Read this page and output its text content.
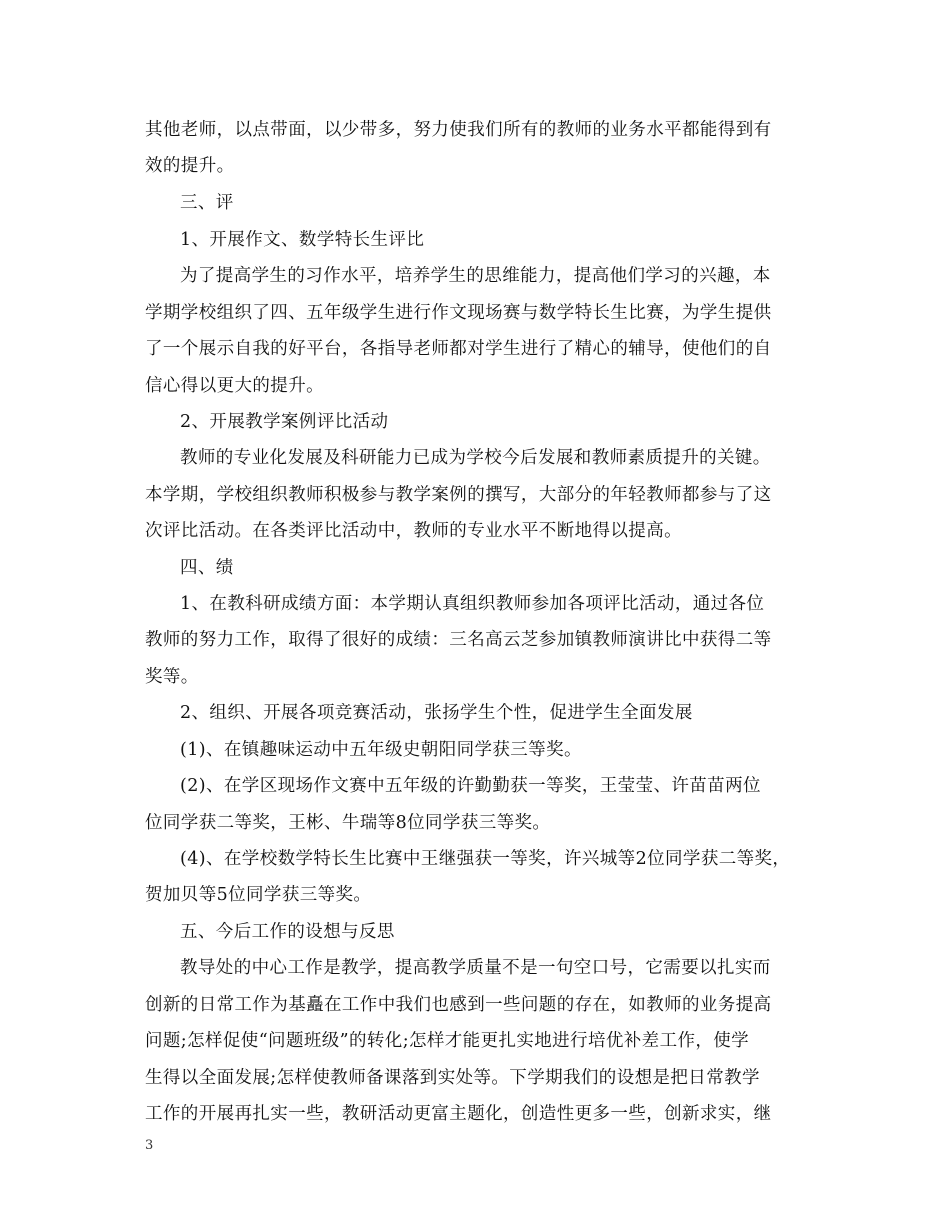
其他老师，以点带面，以少带多，努力使我们所有的教师的业务水平都能得到有
效的提升。
三、评
1、开展作文、数学特长生评比
为了提高学生的习作水平，培养学生的思维能力，提高他们学习的兴趣，本
学期学校组织了四、五年级学生进行作文现场赛与数学特长生比赛，为学生提供
了一个展示自我的好平台，各指导老师都对学生进行了精心的辅导，使他们的自
信心得以更大的提升。
2、开展教学案例评比活动
教师的专业化发展及科研能力已成为学校今后发展和教师素质提升的关键。
本学期，学校组织教师积极参与教学案例的撰写，大部分的年轻教师都参与了这
次评比活动。在各类评比活动中，教师的专业水平不断地得以提高。
四、绩
1、在教科研成绩方面：本学期认真组织教师参加各项评比活动，通过各位
教师的努力工作，取得了很好的成绩：三名高云芝参加镇教师演讲比中获得二等
奖等。
2、组织、开展各项竞赛活动，张扬学生个性，促进学生全面发展
(1)、在镇趣味运动中五年级史朝阳同学获三等奖。
(2)、在学区现场作文赛中五年级的许勤勤获一等奖，王莹莹、许苗苗两位
位同学获二等奖，王彬、牛瑞等8位同学获三等奖。
(4)、在学校数学特长生比赛中王继强获一等奖，许兴城等2位同学获二等奖，
贺加贝等5位同学获三等奖。
五、今后工作的设想与反思
教导处的中心工作是教学，提高教学质量不是一句空口号，它需要以扎实而
创新的日常工作为基矗在工作中我们也感到一些问题的存在，如教师的业务提高
问题;怎样促使“问题班级”的转化;怎样才能更扎实地进行培优补差工作，使学
生得以全面发展;怎样使教师备课落到实处等。下学期我们的设想是把日常教学
工作的开展再扎实一些，教研活动更富主题化，创造性更多一些，创新求实，继
3
